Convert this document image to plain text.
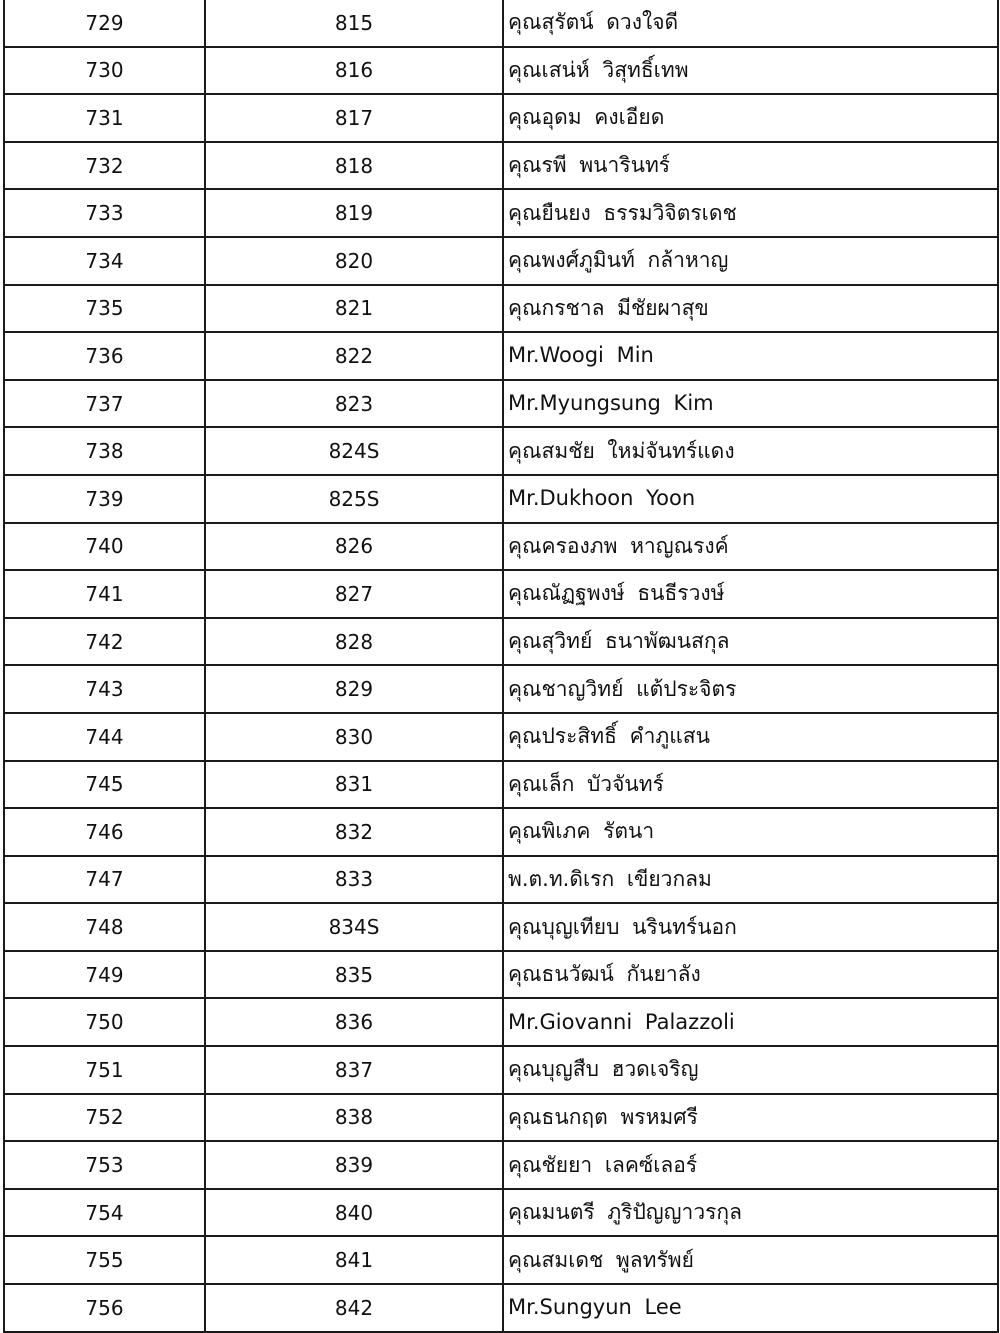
729	815	คุณสุรัตน์ ดวงใจดี
730	816	คุณเสน่ห์ วิสุทธิ์เทพ
731	817	คุณอุดม คงเอียด
732	818	คุณรพี พนารินทร์
733	819	คุณยืนยง ธรรมวิจิตรเดช
734	820	คุณพงศ์ภูมินท์ กล้าหาญ
735	821	คุณกรชาล มีชัยผาสุข
736	822	Mr.Woogi Min
737	823	Mr.Myungsung Kim
738	824S	คุณสมชัย ใหม่จันทร์แดง
739	825S	Mr.Dukhoon Yoon
740	826	คุณครองภพ หาญณรงค์
741	827	คุณณัฏฐพงษ์ ธนธีรวงษ์
742	828	คุณสุวิทย์ ธนาพัฒนสกุล
743	829	คุณชาญวิทย์ แต้ประจิตร
744	830	คุณประสิทธิ์ คำภูแสน
745	831	คุณเล็ก บัวจันทร์
746	832	คุณพิเภค รัตนา
747	833	พ.ต.ท.ดิเรก เขียวกลม
748	834S	คุณบุญเทียบ นรินทร์นอก
749	835	คุณธนวัฒน์ กันยาลัง
750	836	Mr.Giovanni Palazzoli
751	837	คุณบุญสืบ ฮวดเจริญ
752	838	คุณธนกฤต พรหมศรี
753	839	คุณชัยยา เลคซ์เลอร์
754	840	คุณมนตรี ภูริปัญญาวรกุล
755	841	คุณสมเดช พูลทรัพย์
756	842	Mr.Sungyun Lee
